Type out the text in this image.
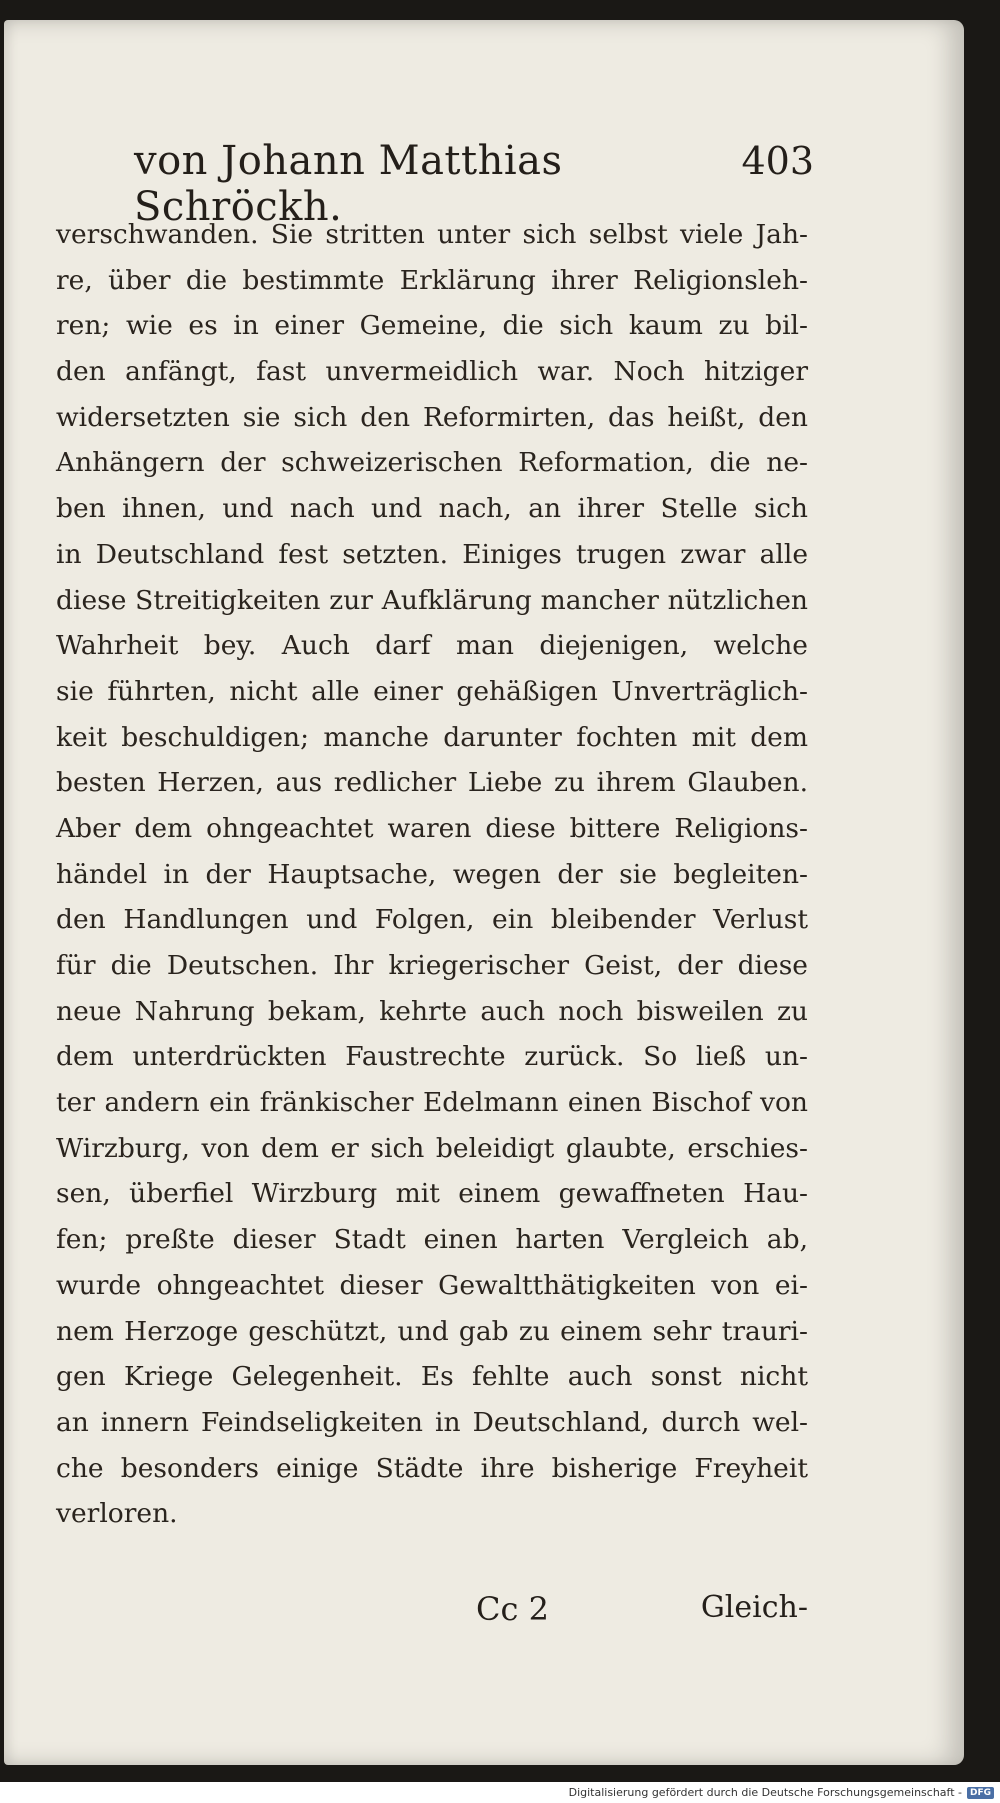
von Johann Matthias Schröckh.
403
verschwanden. Sie stritten unter sich selbst viele Jah-
re, über die bestimmte Erklärung ihrer Religionsleh-
ren; wie es in einer Gemeine, die sich kaum zu bil-
den anfängt, fast unvermeidlich war. Noch hitziger
widersetzten sie sich den Reformirten, das heißt, den
Anhängern der schweizerischen Reformation, die ne-
ben ihnen, und nach und nach, an ihrer Stelle sich
in Deutschland fest setzten. Einiges trugen zwar alle
diese Streitigkeiten zur Aufklärung mancher nützlichen
Wahrheit bey. Auch darf man diejenigen, welche
sie führten, nicht alle einer gehäßigen Unverträglich-
keit beschuldigen; manche darunter fochten mit dem
besten Herzen, aus redlicher Liebe zu ihrem Glauben.
Aber dem ohngeachtet waren diese bittere Religions-
händel in der Hauptsache, wegen der sie begleiten-
den Handlungen und Folgen, ein bleibender Verlust
für die Deutschen. Ihr kriegerischer Geist, der diese
neue Nahrung bekam, kehrte auch noch bisweilen zu
dem unterdrückten Faustrechte zurück. So ließ un-
ter andern ein fränkischer Edelmann einen Bischof von
Wirzburg, von dem er sich beleidigt glaubte, erschies-
sen, überfiel Wirzburg mit einem gewaffneten Hau-
fen; preßte dieser Stadt einen harten Vergleich ab,
wurde ohngeachtet dieser Gewaltthätigkeiten von ei-
nem Herzoge geschützt, und gab zu einem sehr trauri-
gen Kriege Gelegenheit. Es fehlte auch sonst nicht
an innern Feindseligkeiten in Deutschland, durch wel-
che besonders einige Städte ihre bisherige Freyheit
verloren.
Cc 2	Gleich-
Digitalisierung gefördert durch die Deutsche Forschungsgemeinschaft - DFG
